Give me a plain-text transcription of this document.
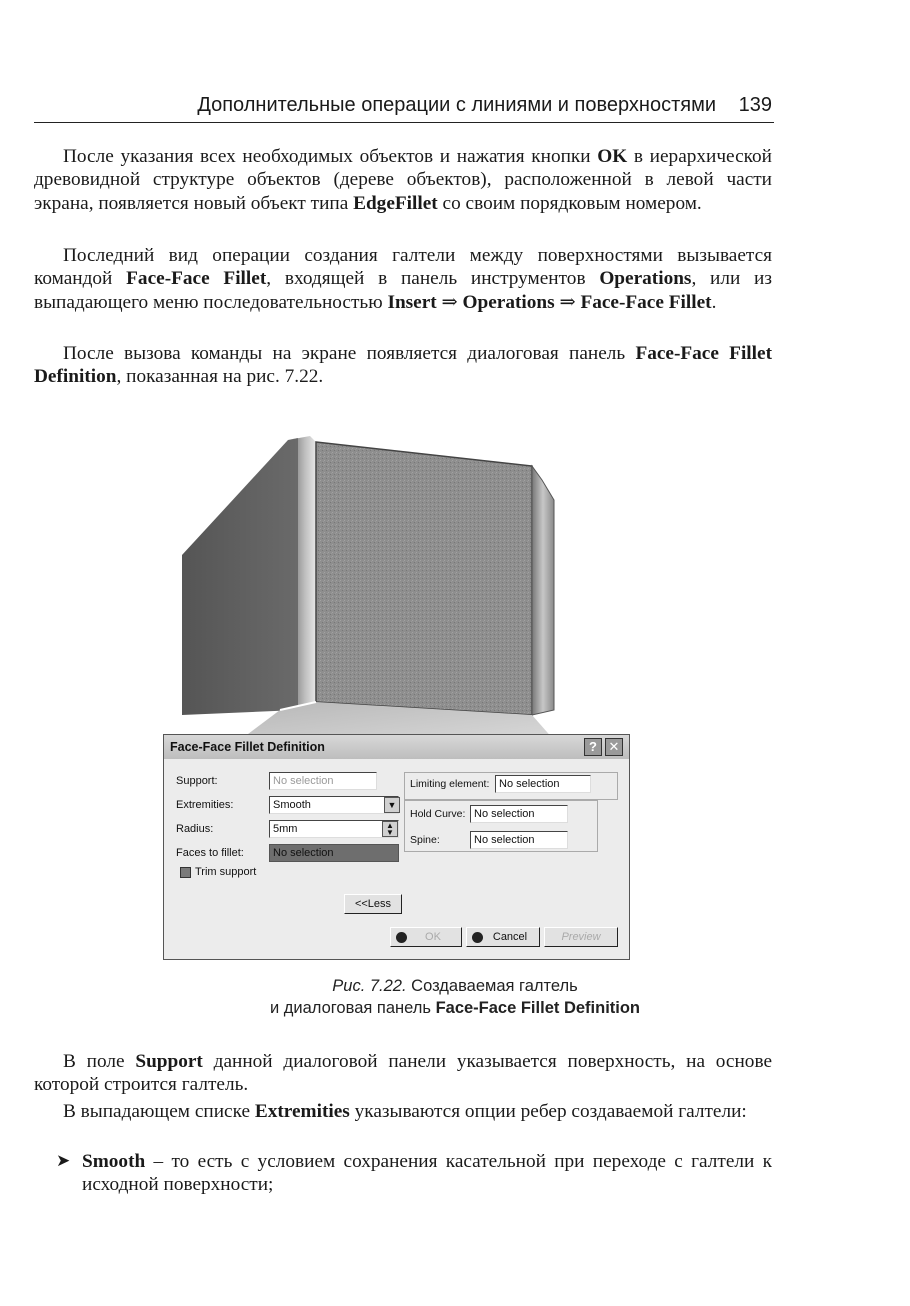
Дополнительные операции с линиями и поверхностями 139

После указания всех необходимых объектов и нажатия кнопки OK в иерархической древовидной структуре объектов (дереве объектов), расположенной в левой части экрана, появляется новый объект типа EdgeFillet со своим порядковым номером.

Последний вид операции создания галтели между поверхностями вызывается командой Face-Face Fillet, входящей в панель инструментов Operations, или из выпадающего меню последовательностью Insert ⇒ Operations ⇒ Face-Face Fillet.

После вызова команды на экране появляется диалоговая панель Face-Face Fillet Definition, показанная на рис. 7.22.

Face-Face Fillet Definition	? ✕
Support:	No selection
Extremities:	Smooth	▼
Radius:	5mm	▲
▼
Faces to fillet:	No selection
Trim support
Limiting element: No selection
Hold Curve: No selection
Spine:	No selection
<<Less
OK	Cancel	Preview

Рис. 7.22. Создаваемая галтель

и диалоговая панель Face-Face Fillet Definition

В поле Support данной диалоговой панели указывается поверхность, на основе которой строится галтель.

В выпадающем списке Extremities указываются опции ребер создаваемой галтели:

➤ Smooth – то есть с условием сохранения касательной при переходе с галтели к исходной поверхности;
